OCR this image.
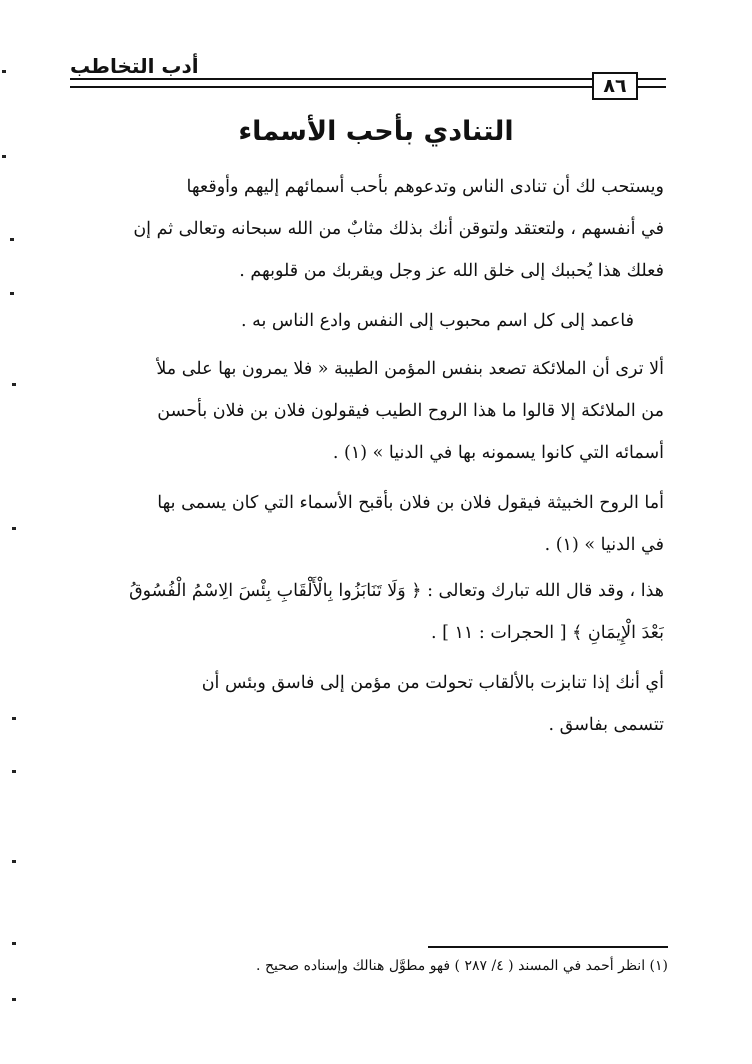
أدب التخاطب
٨٦
التنادي بأحب الأسماء
ويستحب لك أن تنادى الناس وتدعوهم بأحب أسمائهم إليهم وأوقعها
في أنفسهم ، ولتعتقد ولتوقن أنك بذلك مثابٌ من الله سبحانه وتعالى ثم إن
فعلك هذا يُحببك إلى خلق الله عز وجل ويقربك من قلوبهم .
فاعمد إلى كل اسم محبوب إلى النفس وادع الناس به .
ألا ترى أن الملائكة تصعد بنفس المؤمن الطيبة « فلا يمرون بها على ملأ
من الملائكة إلا قالوا ما هذا الروح الطيب فيقولون فلان بن فلان بأحسن
أسمائه التي كانوا يسمونه بها في الدنيا » (١) .
أما الروح الخبيثة فيقول فلان بن فلان بأقبح الأسماء التي كان يسمى بها
في الدنيا » (١) .
هذا ، وقد قال الله تبارك وتعالى : ﴿ وَلَا تَنَابَزُوا بِالْأَلْقَابِ بِئْسَ الِاسْمُ الْفُسُوقُ
بَعْدَ الْإِيمَانِ ﴾ [ الحجرات : ١١ ] .
أي أنك إذا تنابزت بالألقاب تحولت من مؤمن إلى فاسق وبئس أن
تتسمى بفاسق .
(١) انظر أحمد في المسند ( ٤/ ٢٨٧ ) فهو مطوَّل هنالك وإسناده صحيح .
